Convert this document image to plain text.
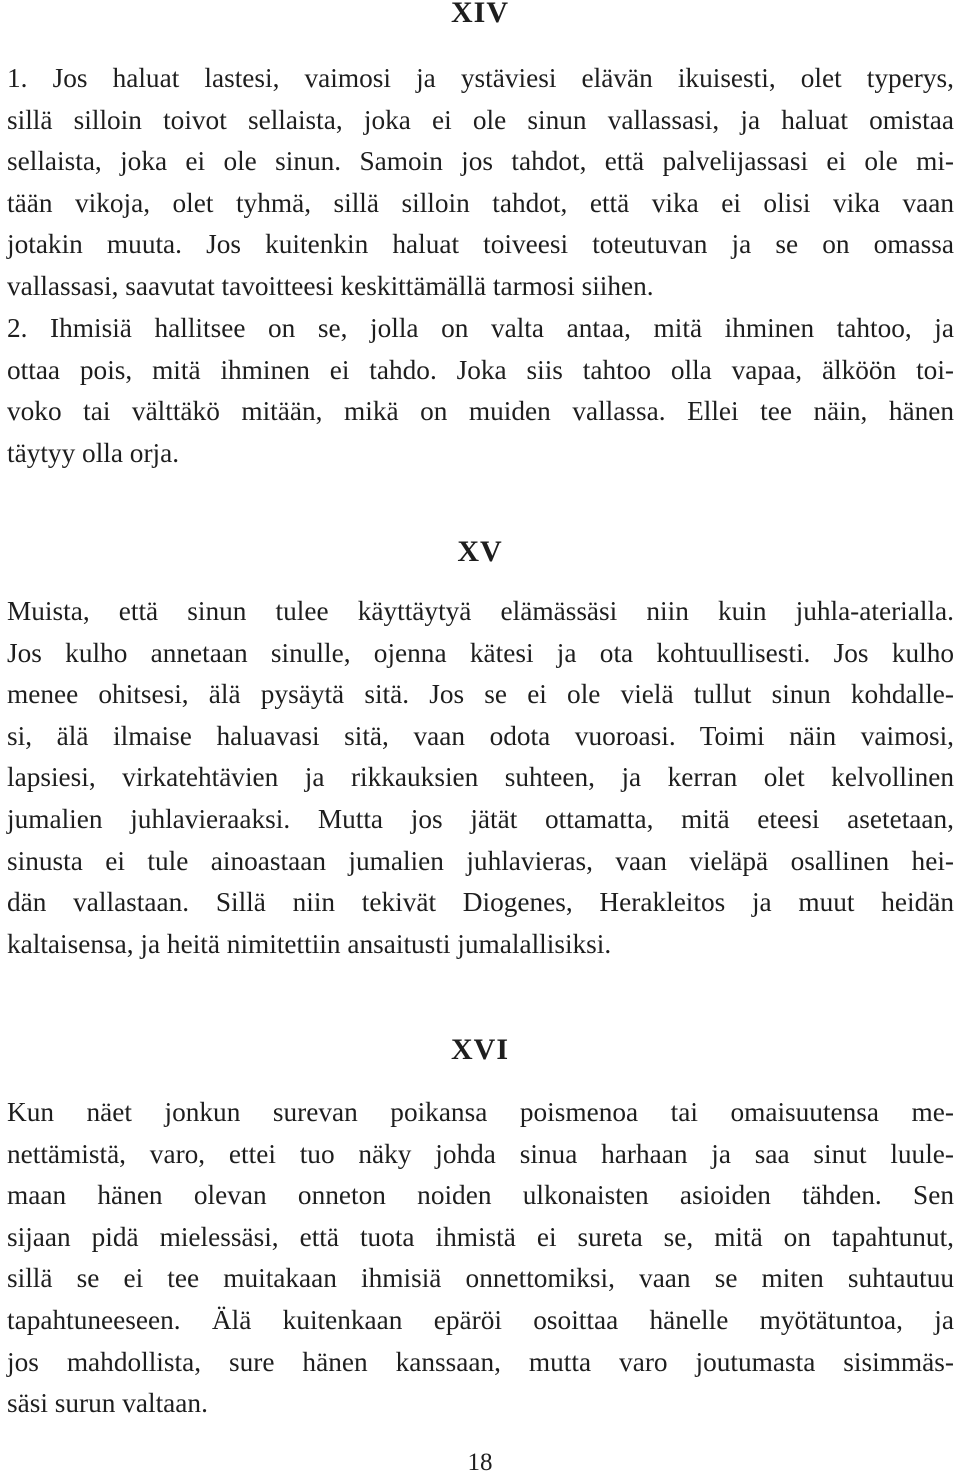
XIV

1. Jos haluat lastesi, vaimosi ja ystäviesi elävän ikuisesti, olet typerys,
sillä silloin toivot sellaista, joka ei ole sinun vallassasi, ja haluat omistaa
sellaista, joka ei ole sinun. Samoin jos tahdot, että palvelijassasi ei ole mi-
tään vikoja, olet tyhmä, sillä silloin tahdot, että vika ei olisi vika vaan
jotakin muuta. Jos kuitenkin haluat toiveesi toteutuvan ja se on omassa
vallassasi, saavutat tavoitteesi keskittämällä tarmosi siihen.

2. Ihmisiä hallitsee on se, jolla on valta antaa, mitä ihminen tahtoo, ja
ottaa pois, mitä ihminen ei tahdo. Joka siis tahtoo olla vapaa, älköön toi-
voko tai välttäkö mitään, mikä on muiden vallassa. Ellei tee näin, hänen
täytyy olla orja.

XV

Muista, että sinun tulee käyttäytyä elämässäsi niin kuin juhla-aterialla.
Jos kulho annetaan sinulle, ojenna kätesi ja ota kohtuullisesti. Jos kulho
menee ohitsesi, älä pysäytä sitä. Jos se ei ole vielä tullut sinun kohdalle-
si, älä ilmaise haluavasi sitä, vaan odota vuoroasi. Toimi näin vaimosi,
lapsiesi, virkatehtävien ja rikkauksien suhteen, ja kerran olet kelvollinen
jumalien juhlavieraaksi. Mutta jos jätät ottamatta, mitä eteesi asetetaan,
sinusta ei tule ainoastaan jumalien juhlavieras, vaan vieläpä osallinen hei-
dän vallastaan. Sillä niin tekivät Diogenes, Herakleitos ja muut heidän
kaltaisensa, ja heitä nimitettiin ansaitusti jumalallisiksi.

XVI

Kun näet jonkun surevan poikansa poismenoa tai omaisuutensa me-
nettämistä, varo, ettei tuo näky johda sinua harhaan ja saa sinut luule-
maan hänen olevan onneton noiden ulkonaisten asioiden tähden. Sen
sijaan pidä mielessäsi, että tuota ihmistä ei sureta se, mitä on tapahtunut,
sillä se ei tee muitakaan ihmisiä onnettomiksi, vaan se miten suhtautuu
tapahtuneeseen. Älä kuitenkaan epäröi osoittaa hänelle myötätuntoa, ja
jos mahdollista, sure hänen kanssaan, mutta varo joutumasta sisimmäs-
säsi surun valtaan.

18
